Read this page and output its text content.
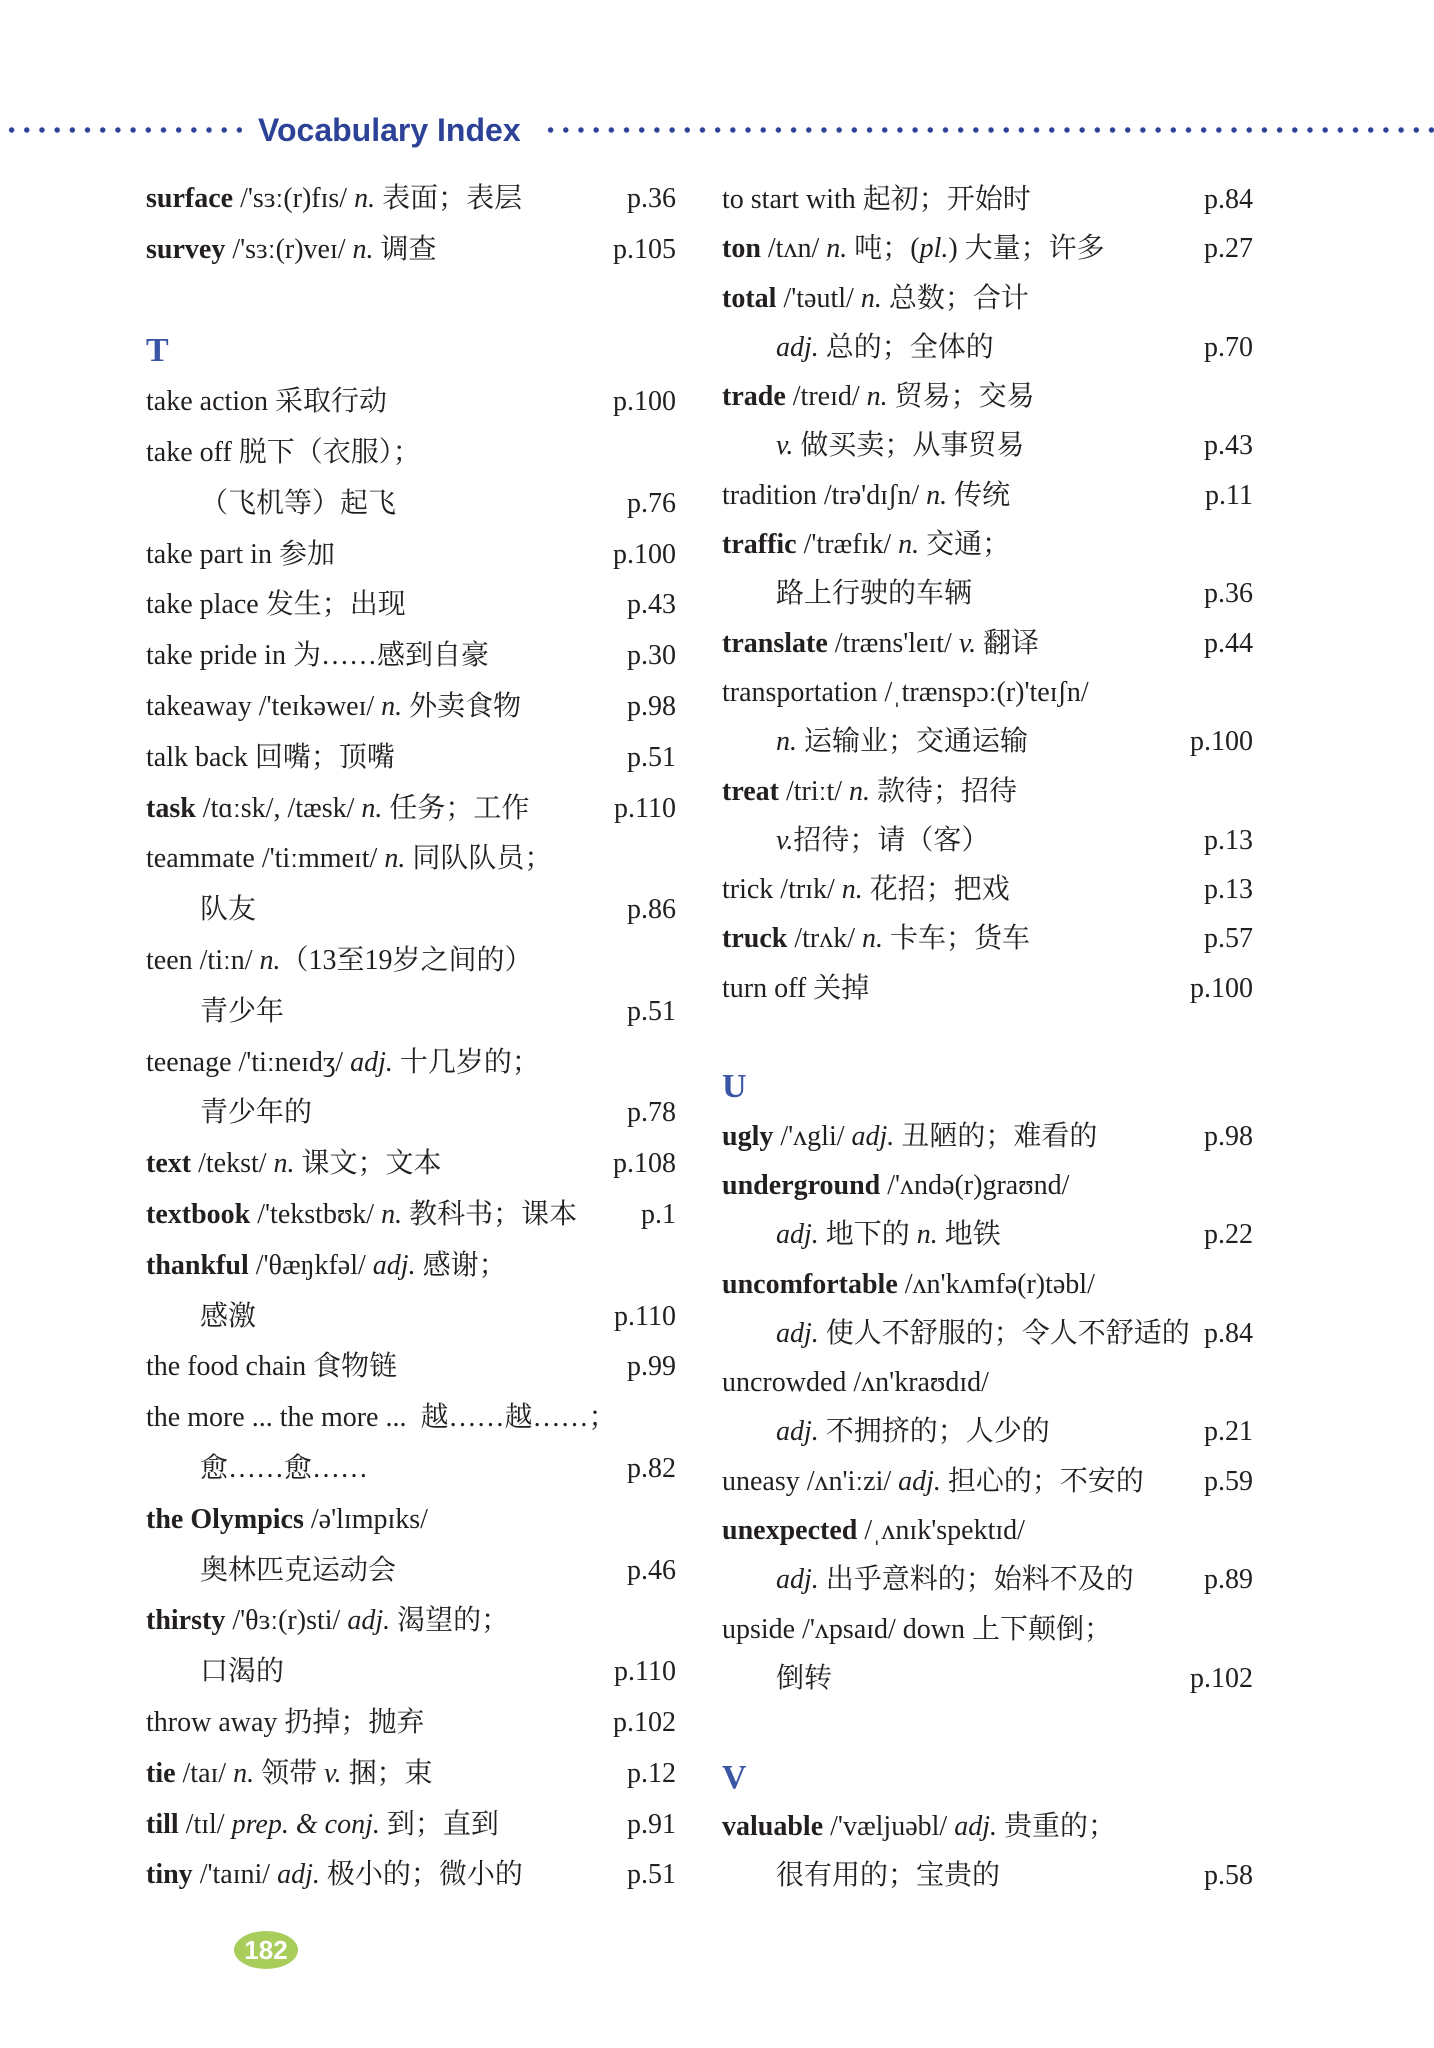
Vocabulary Index
surface /'sɜː(r)fɪs/ n. 表面；表层	p.36
survey /'sɜː(r)veɪ/ n. 调查	p.105
T
take action 采取行动	p.100
take off 脱下（衣服）；
（飞机等）起飞	p.76
take part in 参加	p.100
take place 发生；出现	p.43
take pride in 为……感到自豪	p.30
takeaway /'teɪkəweɪ/ n. 外卖食物	p.98
talk back 回嘴；顶嘴	p.51
task /tɑːsk/, /tæsk/ n. 任务；工作	p.110
teammate /'tiːmmeɪt/ n. 同队队员；
队友	p.86
teen /tiːn/ n.（13至19岁之间的）
青少年	p.51
teenage /'tiːneɪdʒ/ adj. 十几岁的；
青少年的	p.78
text /tekst/ n. 课文；文本	p.108
textbook /'tekstbʊk/ n. 教科书；课本 p.1
thankful /'θæŋkfəl/ adj. 感谢；
感激	p.110
the food chain 食物链	p.99
the more ... the more ...  越……越……；
愈……愈……	p.82
the Olympics /ə'lɪmpɪks/
奥林匹克运动会	p.46
thirsty /'θɜː(r)sti/ adj. 渴望的；
口渴的	p.110
throw away 扔掉；抛弃	p.102
tie /taɪ/ n. 领带 v. 捆；束	p.12
till /tɪl/ prep. & conj. 到；直到	p.91
tiny /'taɪni/ adj. 极小的；微小的	p.51
to start with 起初；开始时	p.84
ton /tʌn/ n. 吨；(pl.) 大量；许多	p.27
total /'təutl/ n. 总数；合计
adj. 总的；全体的	p.70
trade /treɪd/ n. 贸易；交易
v. 做买卖；从事贸易	p.43
tradition /trə'dɪʃn/ n. 传统	p.11
traffic /'træfɪk/ n. 交通；
路上行驶的车辆	p.36
translate /træns'leɪt/ v. 翻译	p.44
transportation /ˌtrænspɔː(r)'teɪʃn/
n. 运输业；交通运输	p.100
treat /triːt/ n. 款待；招待
v.招待；请（客）	p.13
trick /trɪk/ n. 花招；把戏	p.13
truck /trʌk/ n. 卡车；货车	p.57
turn off 关掉	p.100
U
ugly /'ʌgli/ adj. 丑陋的；难看的	p.98
underground /'ʌndə(r)graʊnd/
adj. 地下的 n. 地铁	p.22
uncomfortable /ʌn'kʌmfə(r)təbl/
adj. 使人不舒服的；令人不舒适的 p.84
uncrowded /ʌn'kraʊdɪd/
adj. 不拥挤的；人少的	p.21
uneasy /ʌn'iːzi/ adj. 担心的；不安的 p.59
unexpected /ˌʌnɪk'spektɪd/
adj. 出乎意料的；始料不及的	p.89
upside /'ʌpsaɪd/ down 上下颠倒；
倒转	p.102
V
valuable /'væljuəbl/ adj. 贵重的；
很有用的；宝贵的	p.58
182
